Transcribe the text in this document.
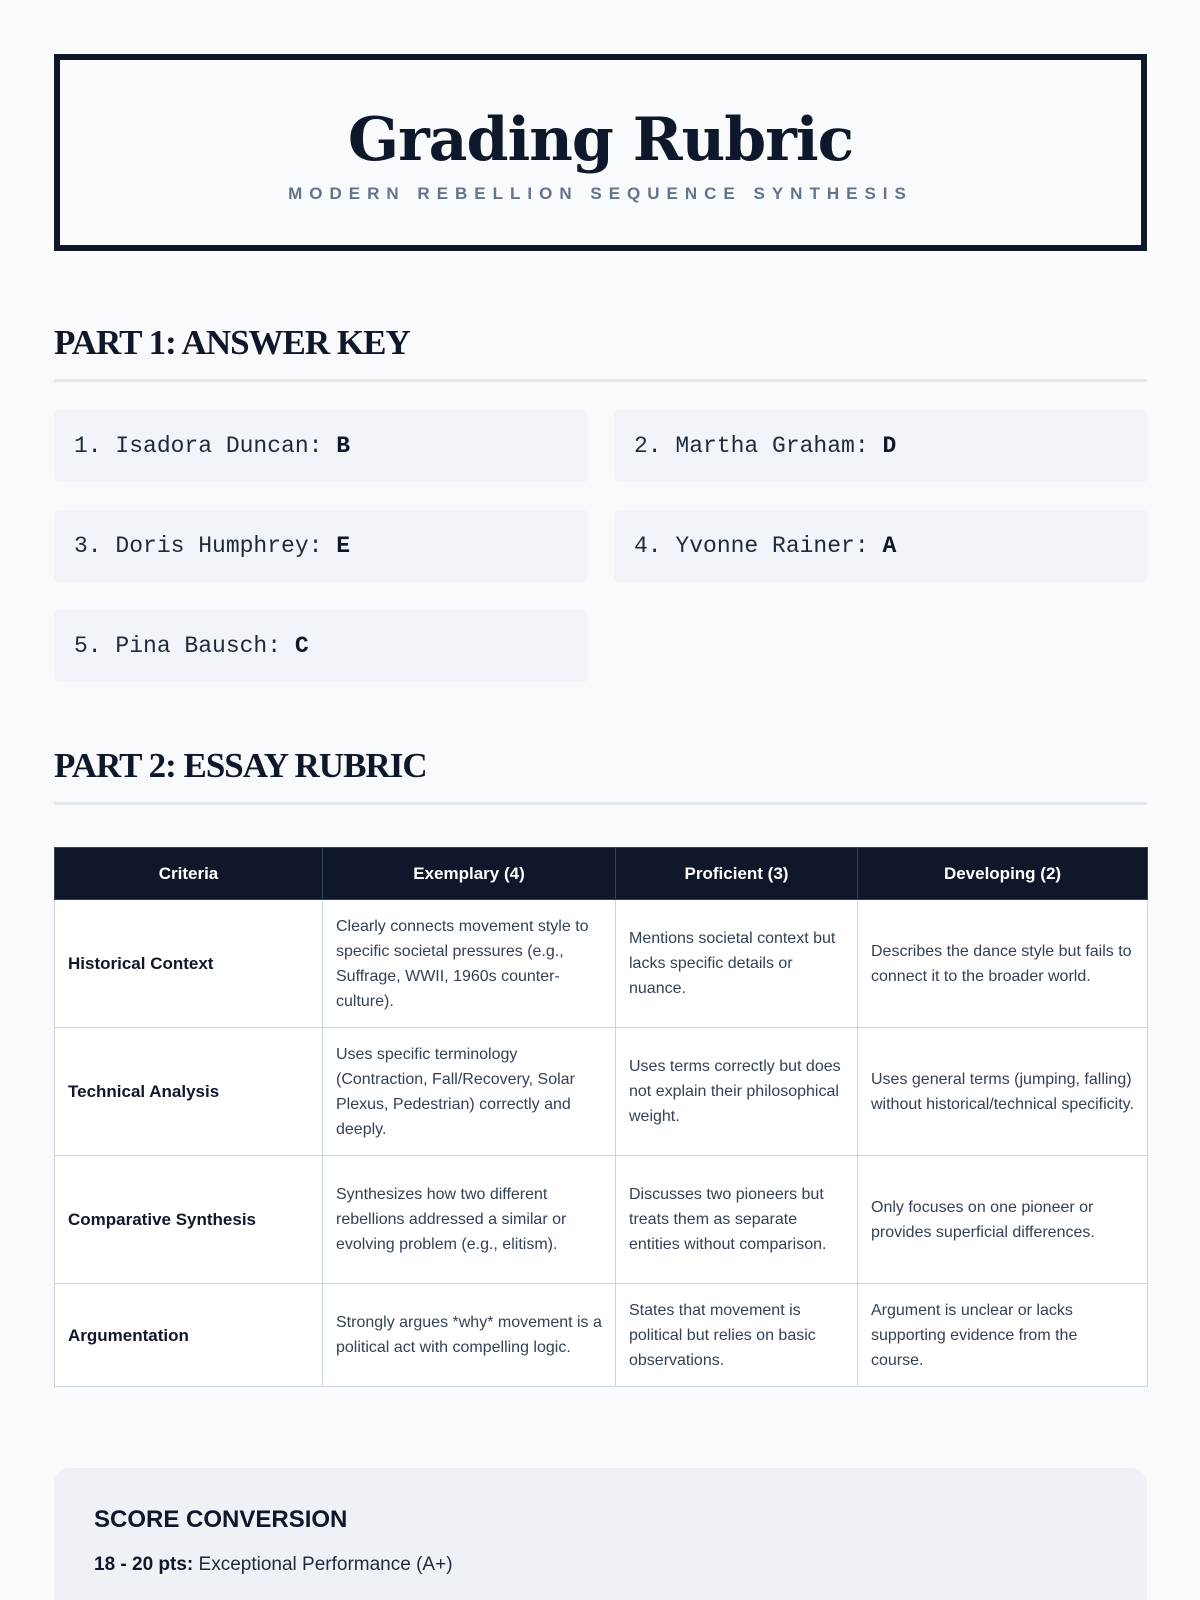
Grading Rubric
MODERN REBELLION SEQUENCE SYNTHESIS
PART 1: ANSWER KEY
1. Isadora Duncan: B	2. Martha Graham: D
3. Doris Humphrey: E	4. Yvonne Rainer: A
5. Pina Bausch: C
PART 2: ESSAY RUBRIC
Criteria	Exemplary (4)	Proficient (3)	Developing (2)
Historical Context	Clearly connects movement style to specific societal pressures (e.g., Suffrage, WWII, 1960s counter-culture).	Mentions societal context but lacks specific details or nuance.	Describes the dance style but fails to connect it to the broader world.
Technical Analysis	Uses specific terminology (Contraction, Fall/Recovery, Solar Plexus, Pedestrian) correctly and deeply.	Uses terms correctly but does not explain their philosophical weight.	Uses general terms (jumping, falling) without historical/technical specificity.
Comparative Synthesis	Synthesizes how two different rebellions addressed a similar or evolving problem (e.g., elitism).	Discusses two pioneers but treats them as separate entities without comparison.	Only focuses on one pioneer or provides superficial differences.
Argumentation	Strongly argues *why* movement is a political act with compelling logic.	States that movement is political but relies on basic observations.	Argument is unclear or lacks supporting evidence from the course.
SCORE CONVERSION
18 - 20 pts: Exceptional Performance (A+)
